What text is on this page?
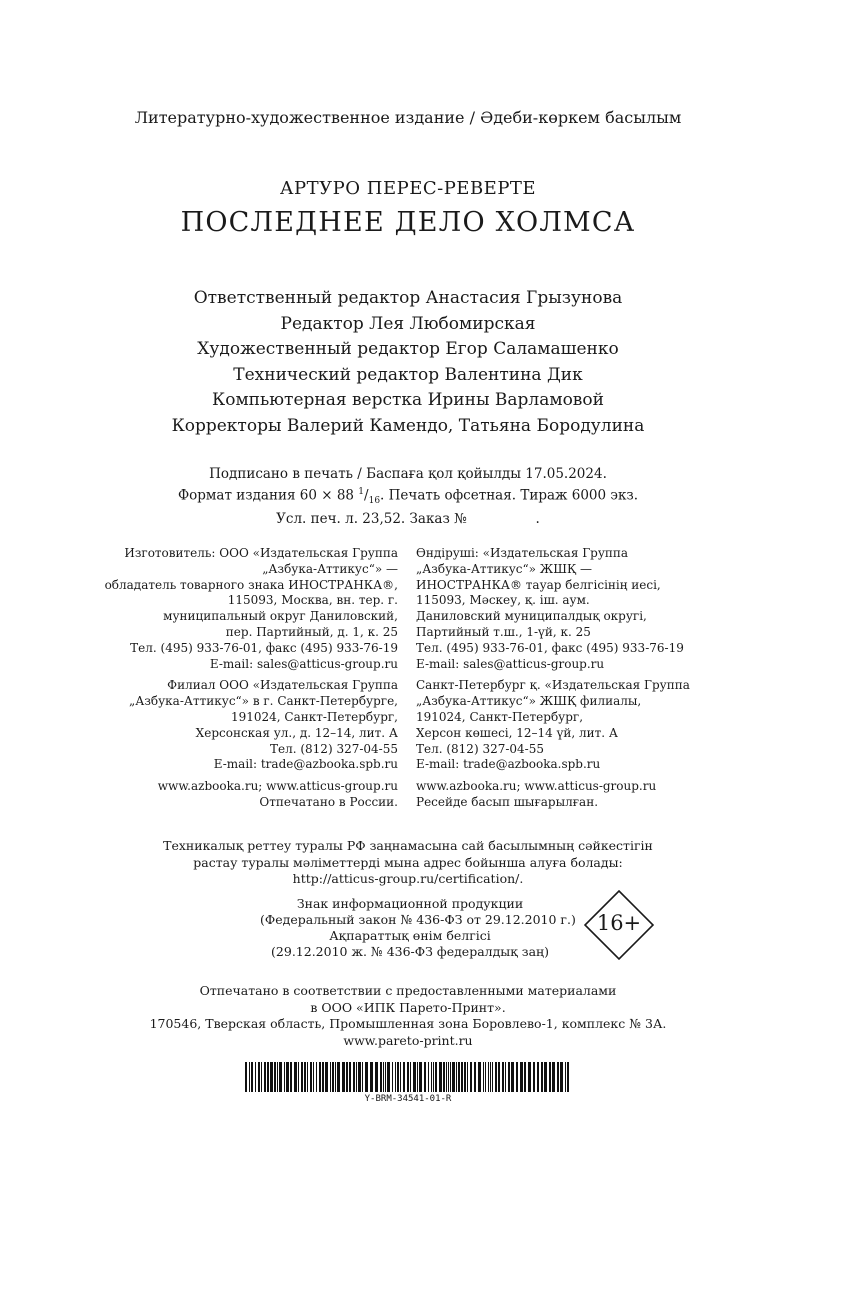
Литературно-художественное издание / Әдеби-көркем басылым
АРТУРО ПЕРЕС-РЕВЕРТЕ
ПОСЛЕДНЕЕ ДЕЛО ХОЛМСА
Ответственный редактор Анастасия Грызунова
Редактор Лея Любомирская
Художественный редактор Егор Саламашенко
Технический редактор Валентина Дик
Компьютерная верстка Ирины Варламовой
Корректоры Валерий Камендо, Татьяна Бородулина
Подписано в печать / Баспаға қол қойылды 17.05.2024.
Формат издания 60 × 88 $^1/_{16}$. Печать офсетная. Тираж 6000 экз.
Усл. печ. л. 23,52. Заказ №                .
Изготовитель: ООО «Издательская Группа
„Азбука-Аттикус“» —
обладатель товарного знака ИНОСТРАНКА®,
115093, Москва, вн. тер. г.
муниципальный округ Даниловский,
пер. Партийный, д. 1, к. 25
Тел. (495) 933-76-01, факс (495) 933-76-19
E-mail: sales@atticus-group.ru
Филиал ООО «Издательская Группа
„Азбука-Аттикус“» в г. Санкт-Петербурге,
191024, Санкт-Петербург,
Херсонская ул., д. 12–14, лит. А
Тел. (812) 327-04-55
E-mail: trade@azbooka.spb.ru
www.azbooka.ru; www.atticus-group.ru
Отпечатано в России.
Өндіруші: «Издательская Группа
„Азбука-Аттикус“» ЖШҚ —
ИНОСТРАНКА® тауар белгісінің иесі,
115093, Мәскеу, қ. іш. аум.
Даниловский муниципалдық округі,
Партийный т.ш., 1-үй, к. 25
Тел. (495) 933-76-01, факс (495) 933-76-19
E-mail: sales@atticus-group.ru
Санкт-Петербург қ. «Издательская Группа
„Азбука-Аттикус“» ЖШҚ филиалы,
191024, Санкт-Петербург,
Херсон көшесі, 12–14 үй, лит. А
Тел. (812) 327-04-55
E-mail: trade@azbooka.spb.ru
www.azbooka.ru; www.atticus-group.ru
Ресейде басып шығарылған.
Техникалық реттеу туралы РФ заңнамасына сай басылымның сәйкестігін
растау туралы мәліметтерді мына адрес бойынша алуға болады:
http://atticus-group.ru/certification/.
Знак информационной продукции
(Федеральный закон № 436-ФЗ от 29.12.2010 г.)
Ақпараттық өнім белгісі
(29.12.2010 ж. № 436-ФЗ федералдық заң)
16+
Отпечатано в соответствии с предоставленными материалами
в ООО «ИПК Парето-Принт».
170546, Тверская область, Промышленная зона Боровлево-1, комплекс № 3А.
www.pareto-print.ru
Y-BRM-34541-01-R
